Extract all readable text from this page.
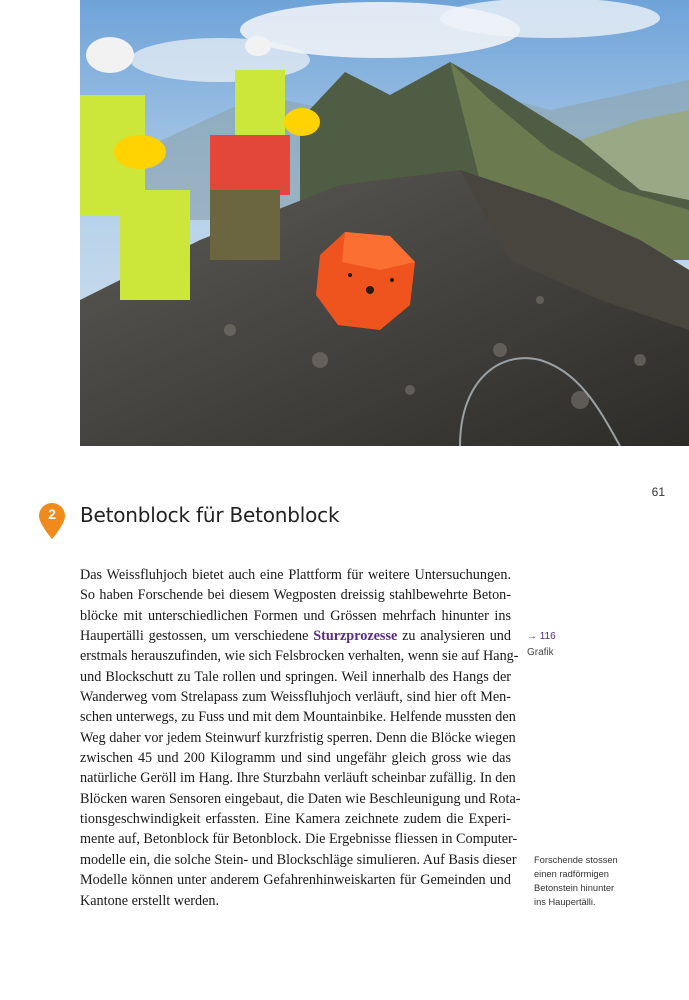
61
2	Betonblock für Betonblock
Das Weissfluhjoch bietet auch eine Plattform für weitere Untersuchungen.
So haben Forschende bei diesem Wegposten dreissig stahlbewehrte Beton-
blöcke mit unterschiedlichen Formen und Grössen mehrfach hinunter ins
Haupertälli gestossen, um verschiedene Sturzprozesse zu analysieren und
erstmals herauszufinden, wie sich Felsbrocken verhalten, wenn sie auf Hang-
und Blockschutt zu Tale rollen und springen. Weil innerhalb des Hangs der
Wanderweg vom Strelapass zum Weissfluhjoch verläuft, sind hier oft Men-
schen unterwegs, zu Fuss und mit dem Mountainbike. Helfende mussten den
Weg daher vor jedem Steinwurf kurzfristig sperren. Denn die Blöcke wiegen
zwischen 45 und 200 Kilogramm und sind ungefähr gleich gross wie das
natürliche Geröll im Hang. Ihre Sturzbahn verläuft scheinbar zufällig. In den
Blöcken waren Sensoren eingebaut, die Daten wie Beschleunigung und Rota-
tionsgeschwindigkeit erfassten. Eine Kamera zeichnete zudem die Experi-
mente auf, Betonblock für Betonblock. Die Ergebnisse fliessen in Computer-
modelle ein, die solche Stein- und Blockschläge simulieren. Auf Basis dieser
Modelle können unter anderem Gefahrenhinweiskarten für Gemeinden und
Kantone erstellt werden.
→ 116
Grafik
Forschende stossen
einen radförmigen
Betonstein hinunter
ins Haupertälli.
